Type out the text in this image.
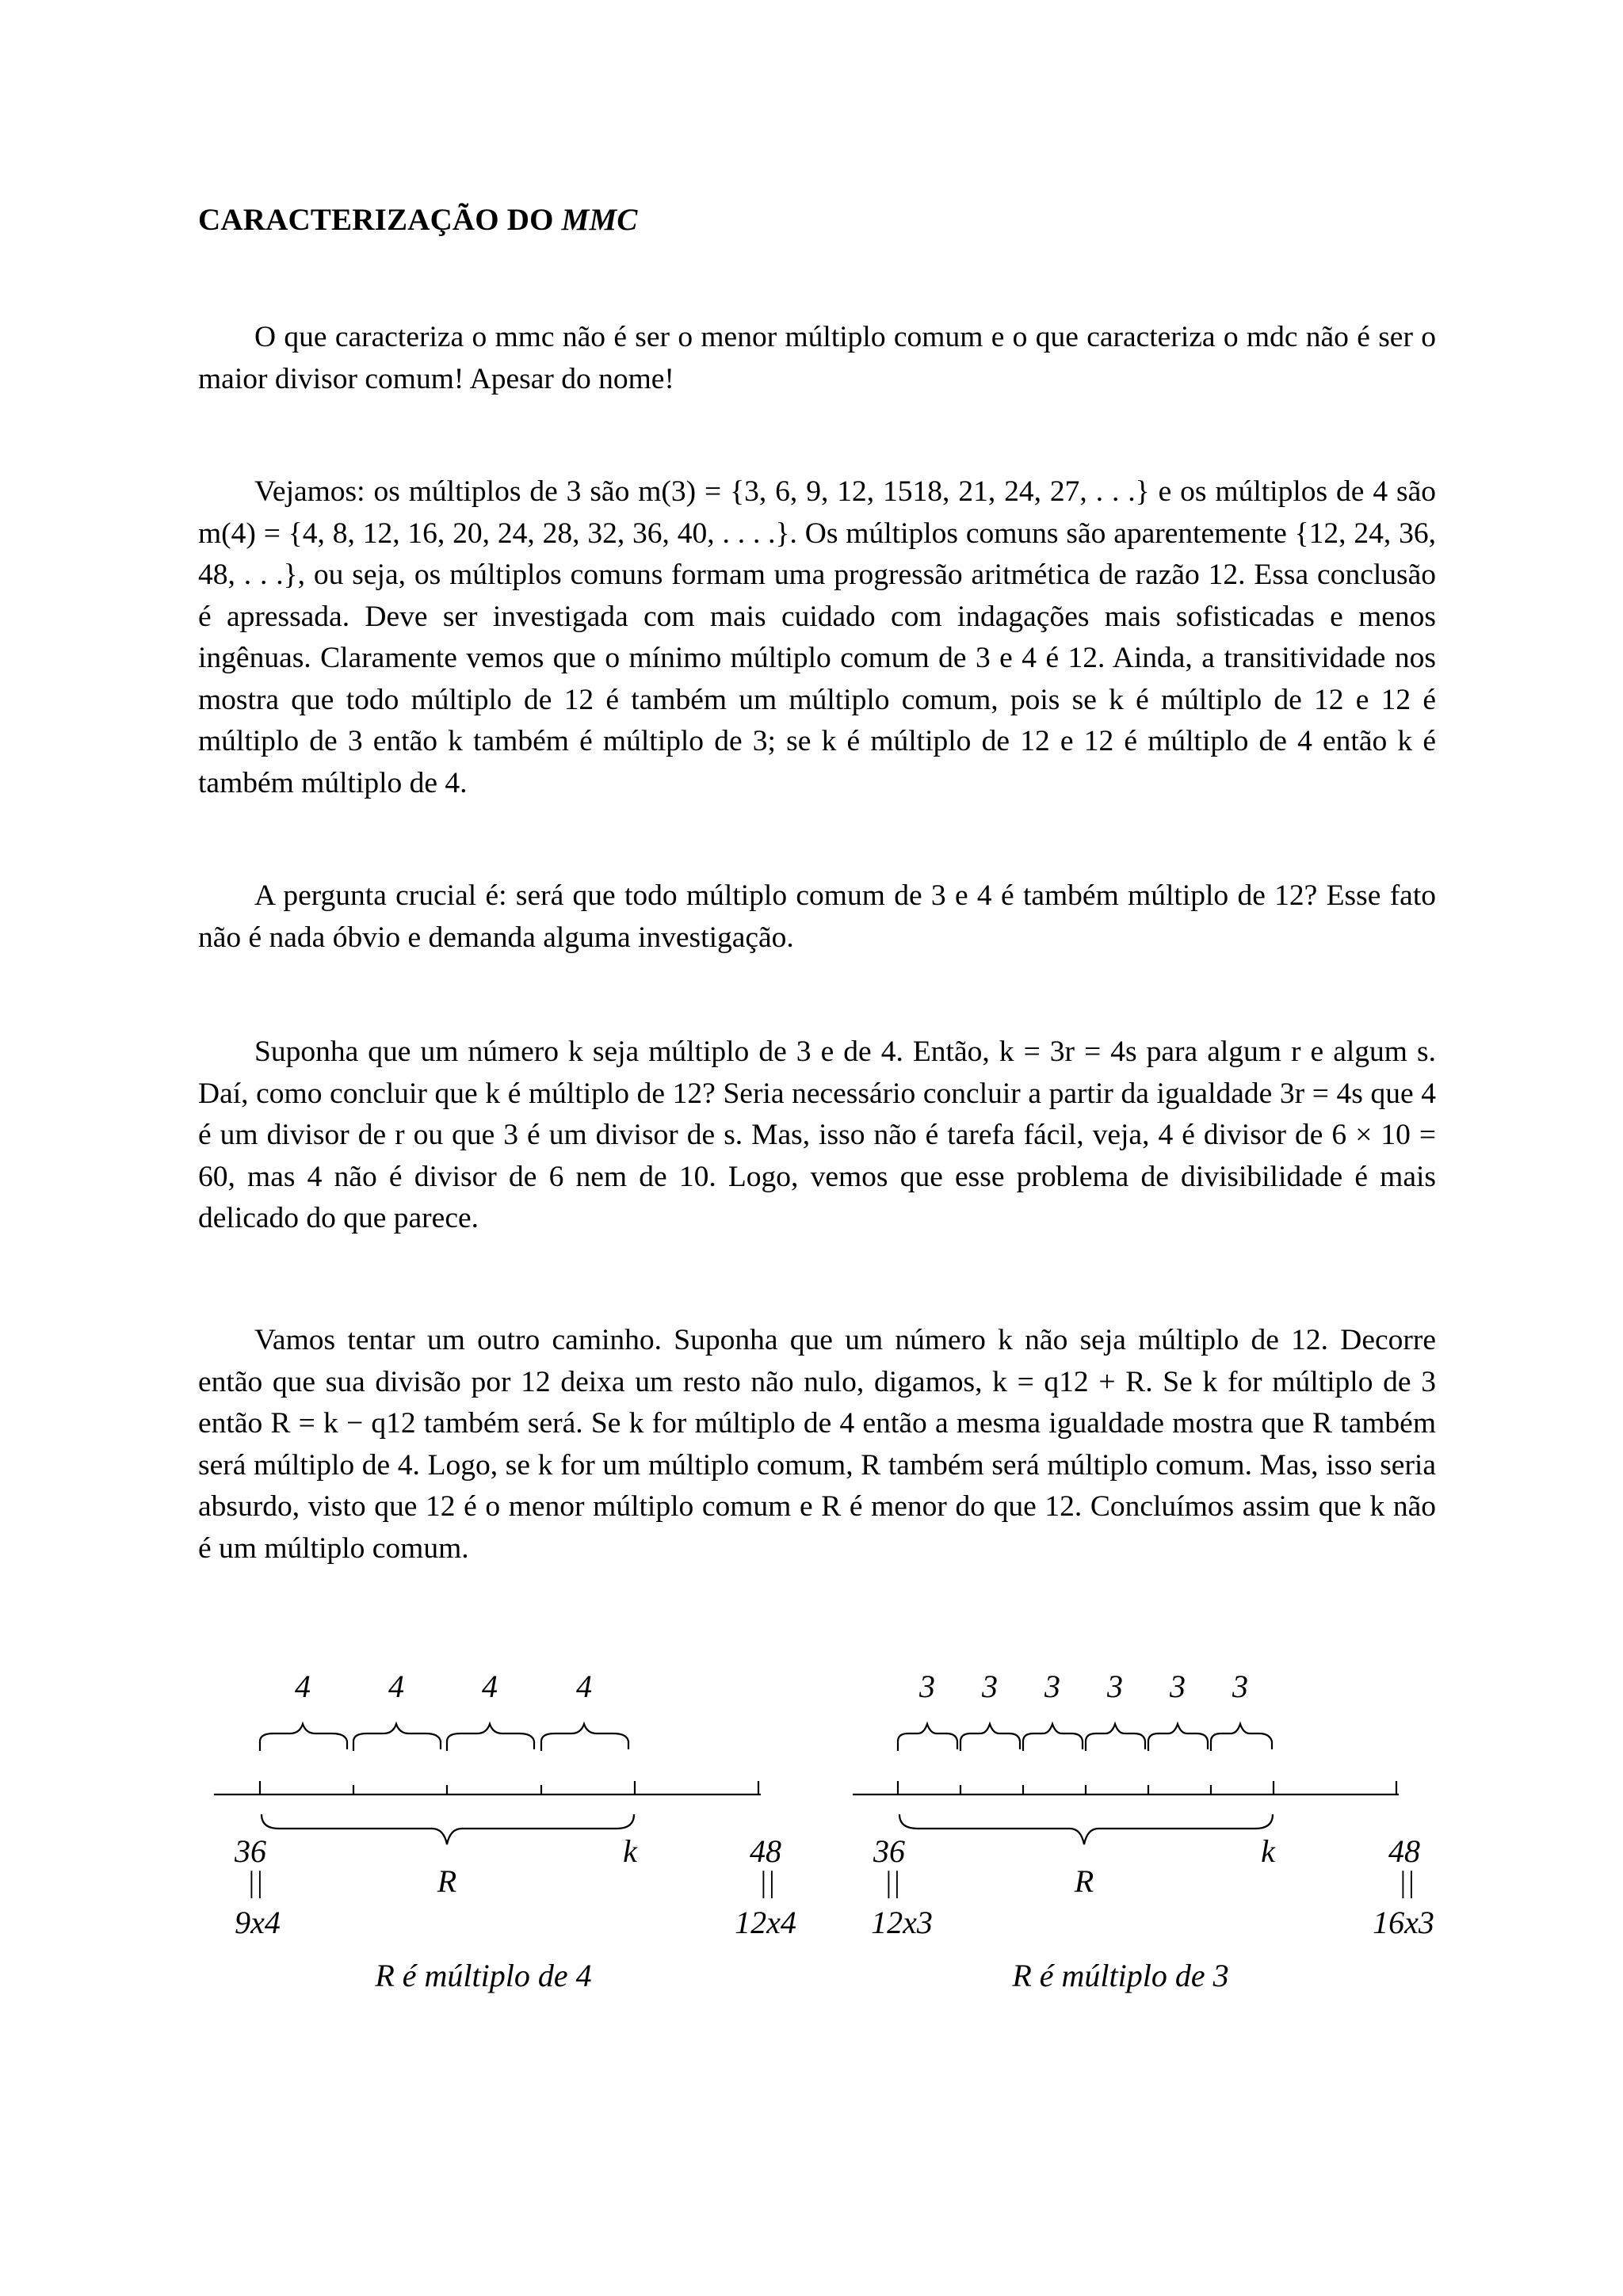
CARACTERIZAÇÃO DO MMC
O que caracteriza o mmc não é ser o menor múltiplo comum e o que caracteriza o mdc não é ser o maior divisor comum! Apesar do nome!
Vejamos: os múltiplos de 3 são m(3) = {3, 6, 9, 12, 1518, 21, 24, 27, . . .} e os múltiplos de 4 são m(4) = {4, 8, 12, 16, 20, 24, 28, 32, 36, 40, . . . .}. Os múltiplos comuns são aparentemente {12, 24, 36, 48, . . .}, ou seja, os múltiplos comuns formam uma progressão aritmética de razão 12. Essa conclusão é apressada. Deve ser investigada com mais cuidado com indagações mais sofisticadas e menos ingênuas. Claramente vemos que o mínimo múltiplo comum de 3 e 4 é 12. Ainda, a transitividade nos mostra que todo múltiplo de 12 é também um múltiplo comum, pois se k é múltiplo de 12 e 12 é múltiplo de 3 então k também é múltiplo de 3; se k é múltiplo de 12 e 12 é múltiplo de 4 então k é também múltiplo de 4.
A pergunta crucial é: será que todo múltiplo comum de 3 e 4 é também múltiplo de 12? Esse fato não é nada óbvio e demanda alguma investigação.
Suponha que um número k seja múltiplo de 3 e de 4. Então, k = 3r = 4s para algum r e algum s. Daí, como concluir que k é múltiplo de 12? Seria necessário concluir a partir da igualdade 3r = 4s que 4 é um divisor de r ou que 3 é um divisor de s. Mas, isso não é tarefa fácil, veja, 4 é divisor de 6 × 10 = 60, mas 4 não é divisor de 6 nem de 10. Logo, vemos que esse problema de divisibilidade é mais delicado do que parece.
Vamos tentar um outro caminho. Suponha que um número k não seja múltiplo de 12. Decorre então que sua divisão por 12 deixa um resto não nulo, digamos, k = q12 + R. Se k for múltiplo de 3 então R = k − q12 também será. Se k for múltiplo de 4 então a mesma igualdade mostra que R também será múltiplo de 4. Logo, se k for um múltiplo comum, R também será múltiplo comum. Mas, isso seria absurdo, visto que 12 é o menor múltiplo comum e R é menor do que 12. Concluímos assim que k não é um múltiplo comum.
4 4 4 4
36	k	48
||	R	||
9x4	12x4
R é múltiplo de 4
3 3 3 3 3 3
36	k	48
||	R	||
12x3	16x3
R é múltiplo de 3
